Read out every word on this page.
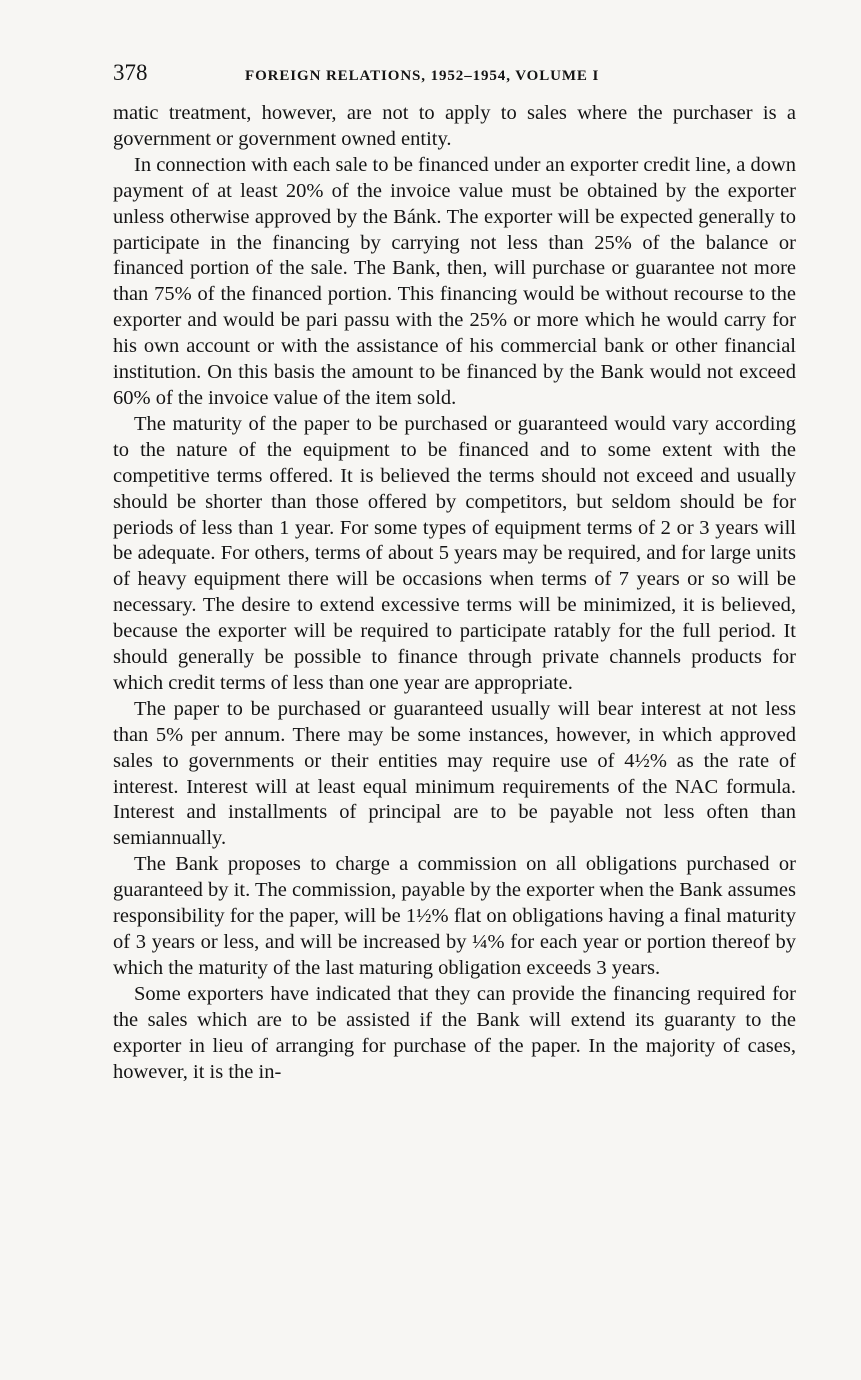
378	FOREIGN RELATIONS, 1952–1954, VOLUME I

matic treatment, however, are not to apply to sales where the purchaser is a government or government owned entity.

In connection with each sale to be financed under an exporter credit line, a down payment of at least 20% of the invoice value must be obtained by the exporter unless otherwise approved by the Bánk. The exporter will be expected generally to participate in the financing by carrying not less than 25% of the balance or financed portion of the sale. The Bank, then, will purchase or guarantee not more than 75% of the financed portion. This financing would be without recourse to the exporter and would be pari passu with the 25% or more which he would carry for his own account or with the assistance of his commercial bank or other financial institution. On this basis the amount to be financed by the Bank would not exceed 60% of the invoice value of the item sold.

The maturity of the paper to be purchased or guaranteed would vary according to the nature of the equipment to be financed and to some extent with the competitive terms offered. It is believed the terms should not exceed and usually should be shorter than those offered by competitors, but seldom should be for periods of less than 1 year. For some types of equipment terms of 2 or 3 years will be adequate. For others, terms of about 5 years may be required, and for large units of heavy equipment there will be occasions when terms of 7 years or so will be necessary. The desire to extend excessive terms will be minimized, it is believed, because the exporter will be required to participate ratably for the full period. It should generally be possible to finance through private channels products for which credit terms of less than one year are appropriate.

The paper to be purchased or guaranteed usually will bear interest at not less than 5% per annum. There may be some instances, however, in which approved sales to governments or their entities may require use of 4½% as the rate of interest. Interest will at least equal minimum requirements of the NAC formula. Interest and installments of principal are to be payable not less often than semiannually.

The Bank proposes to charge a commission on all obligations purchased or guaranteed by it. The commission, payable by the exporter when the Bank assumes responsibility for the paper, will be 1½% flat on obligations having a final maturity of 3 years or less, and will be increased by ¼% for each year or portion thereof by which the maturity of the last maturing obligation exceeds 3 years.

Some exporters have indicated that they can provide the financing required for the sales which are to be assisted if the Bank will extend its guaranty to the exporter in lieu of arranging for purchase of the paper. In the majority of cases, however, it is the in-
